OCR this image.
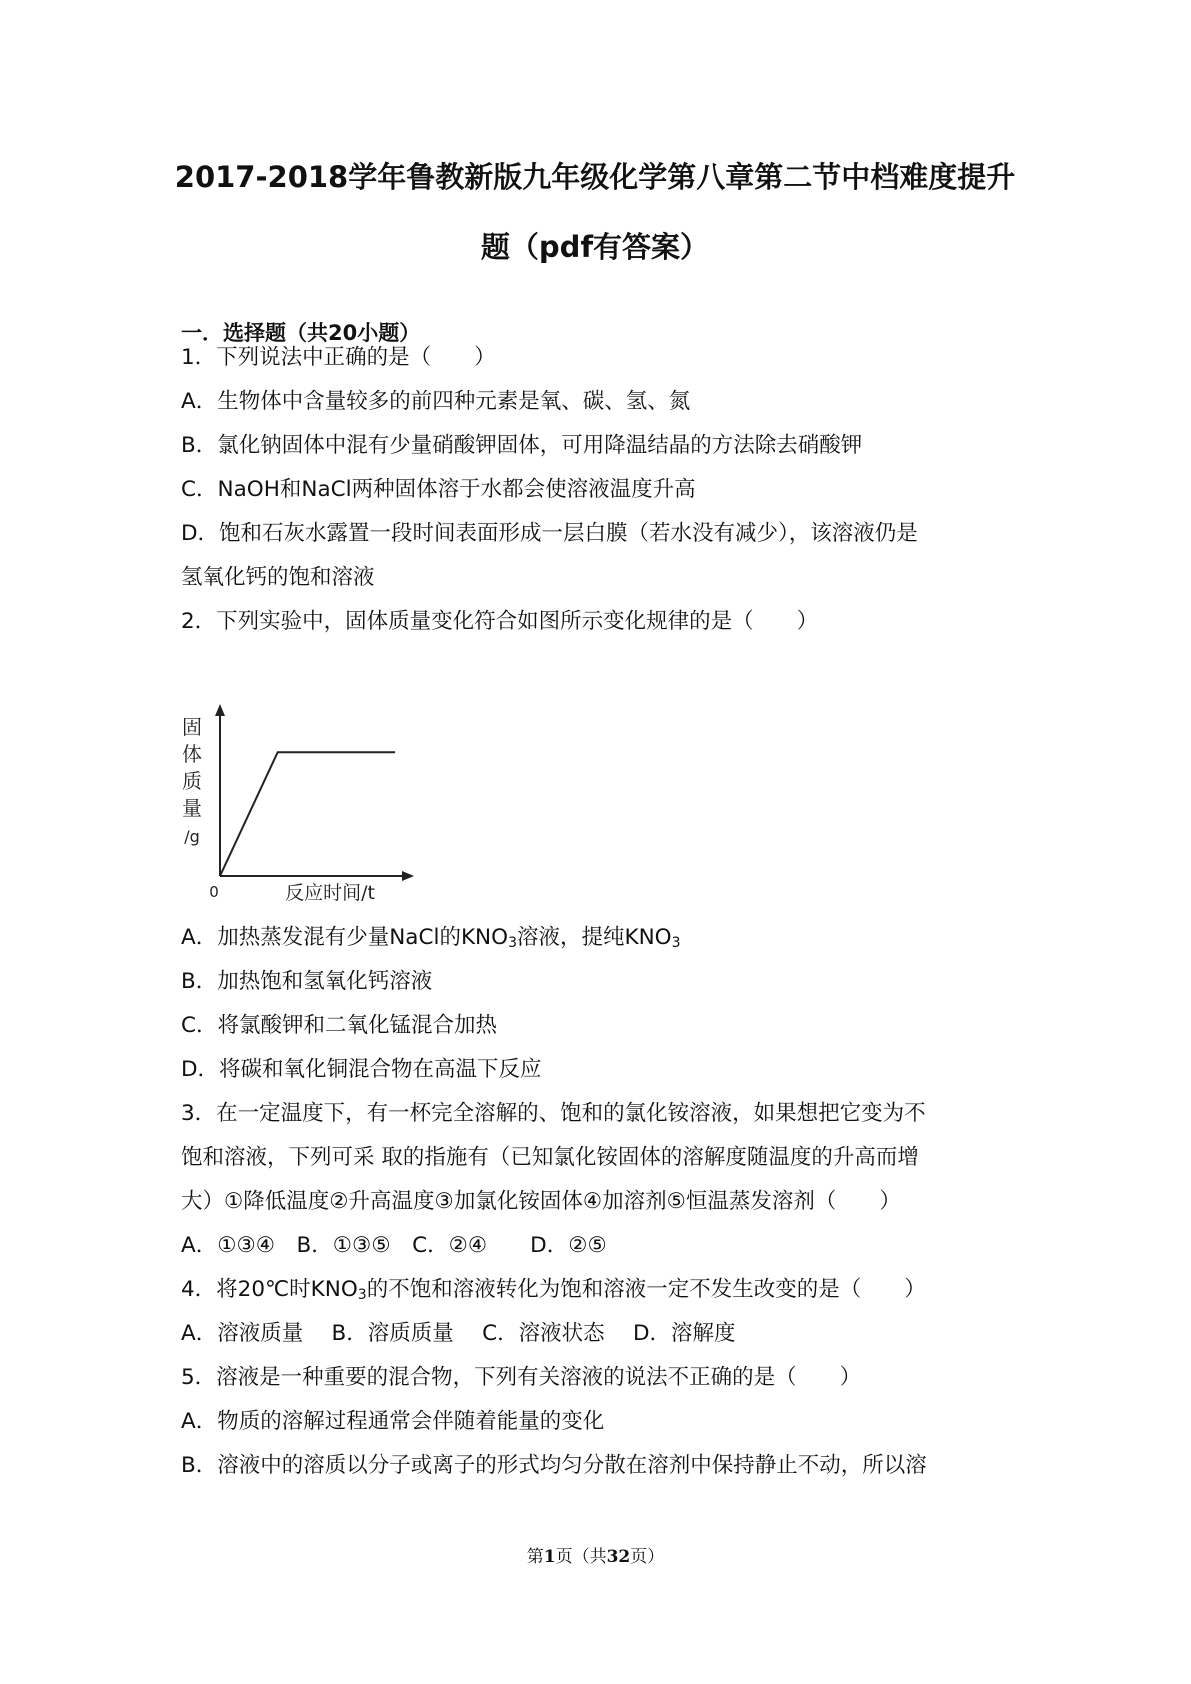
2017-2018学年鲁教新版九年级化学第八章第二节中档难度提升
题（pdf有答案）
一．选择题（共20小题）
1．下列说法中正确的是（　　）
A．生物体中含量较多的前四种元素是氧、碳、氢、氮
B．氯化钠固体中混有少量硝酸钾固体，可用降温结晶的方法除去硝酸钾
C．NaOH和NaCl两种固体溶于水都会使溶液温度升高
D．饱和石灰水露置一段时间表面形成一层白膜（若水没有减少），该溶液仍是
氢氧化钙的饱和溶液
2．下列实验中，固体质量变化符合如图所示变化规律的是（　　）
固
体
质
量
/g
0	反应时间/t
A．加热蒸发混有少量NaCl的$KNO_3$溶液，提纯$KNO_3$
B．加热饱和氢氧化钙溶液
C．将氯酸钾和二氧化锰混合加热
D．将碳和氧化铜混合物在高温下反应
3．在一定温度下，有一杯完全溶解的、饱和的氯化铵溶液，如果想把它变为不
饱和溶液，下列可采 取的指施有（已知氯化铵固体的溶解度随温度的升高而增
大）①降低温度②升高温度③加氯化铵固体④加溶剂⑤恒温蒸发溶剂（　　）
A．①③④　B．①③⑤　C．②④　　D．②⑤
4．将20℃时$KNO_3$的不饱和溶液转化为饱和溶液一定不发生改变的是（　　）
A．溶液质量　 B．溶质质量　 C．溶液状态　 D．溶解度
5．溶液是一种重要的混合物，下列有关溶液的说法不正确的是（　　）
A．物质的溶解过程通常会伴随着能量的变化
B．溶液中的溶质以分子或离子的形式均匀分散在溶剂中保持静止不动，所以溶
第1页（共32页）
